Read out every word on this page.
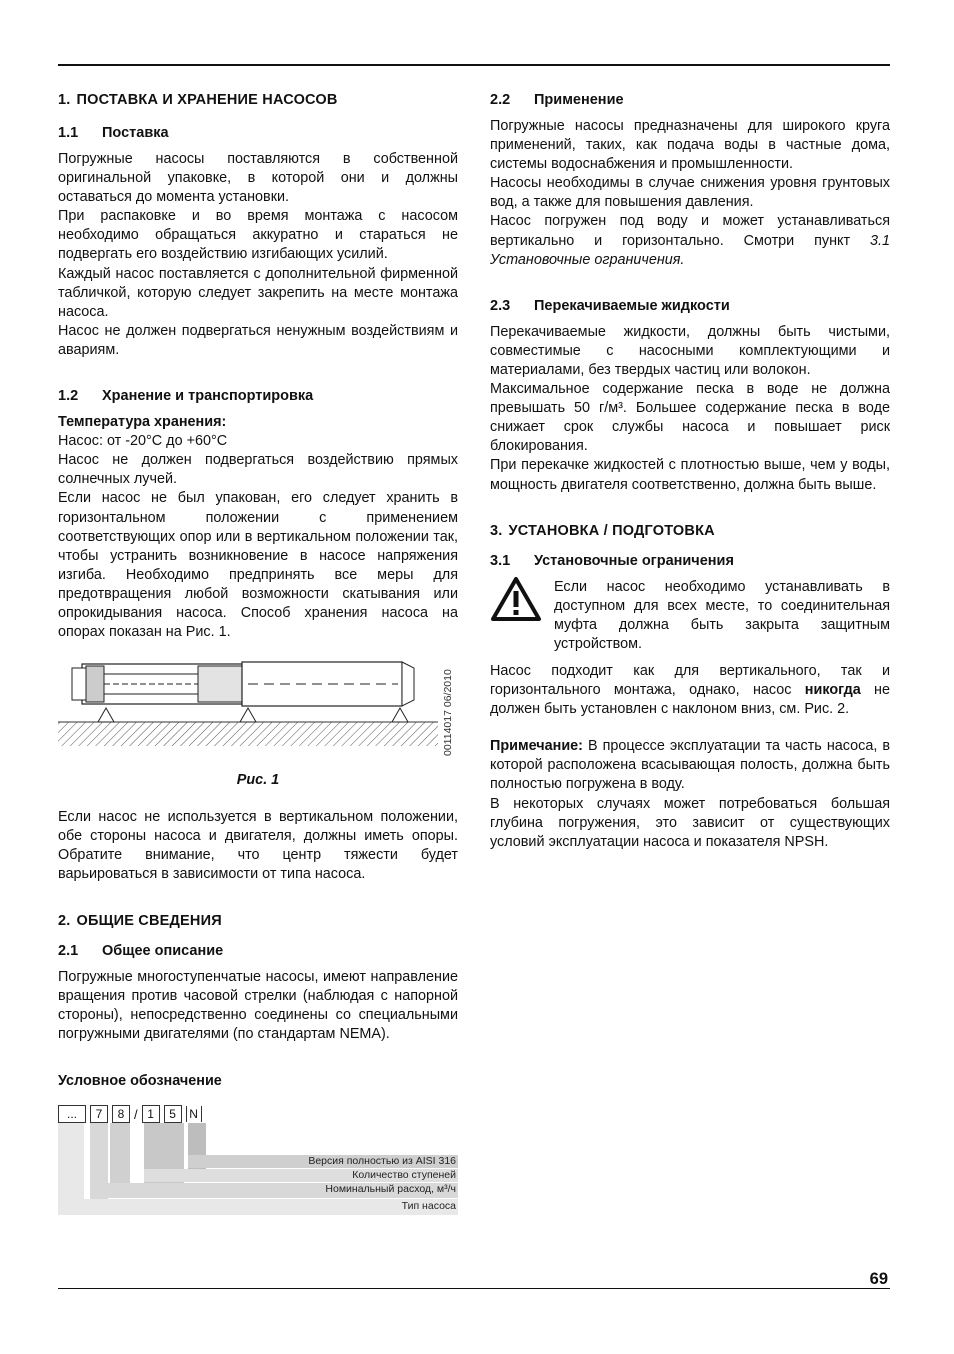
1. ПОСТАВКА И ХРАНЕНИЕ НАСОСОВ
1.1 Поставка

Погружные насосы поставляются в собственной оригинальной упаковке, в которой они и должны оставаться до момента установки.

При распаковке и во время монтажа с насосом необходимо обращаться аккуратно и стараться не подвергать его воздействию изгибающих усилий.

Каждый насос поставляется с дополнительной фирменной табличкой, которую следует закрепить на месте монтажа насоса.

Насос не должен подвергаться ненужным воздействиям и авариям.

1.2 Хранение и транспортировка

Температура хранения:

Насос: от -20°C до +60°C

Насос не должен подвергаться воздействию прямых солнечных лучей.

Если насос не был упакован, его следует хранить в горизонтальном положении с применением соответствующих опор или в вертикальном положении так, чтобы устранить возникновение в насосе напряжения изгиба. Необходимо предпринять все меры для предотвращения любой возможности скатывания или опрокидывания насоса. Способ хранения насоса на опорах показан на Рис. 1.

00114017 06/2010
Рис. 1

Если насос не используется в вертикальном положении, обе стороны насоса и двигателя, должны иметь опоры. Обратите внимание, что центр тяжести будет варьироваться в зависимости от типа насоса.

2. ОБЩИЕ СВЕДЕНИЯ
2.1 Общее описание

Погружные многоступенчатые насосы, имеют направление вращения против часовой стрелки (наблюдая с напорной стороны), непосредственно соединены со специальными погружными двигателями (по стандартам NEMA).

Условное обозначение

...	7	8 / 1	5	N
Версия полностью из AISI 316
Количество ступеней
Номинальный расход, м³/ч
Тип насоса
2.2 Применение

Погружные насосы предназначены для широкого круга применений, таких, как подача воды в частные дома, системы водоснабжения и промышленности.

Насосы необходимы в случае снижения уровня грунтовых вод, а также для повышения давления.

Насос погружен под воду и может устанавливаться вертикально и горизонтально. Смотри пункт 3.1 Установочные ограничения.

2.3 Перекачиваемые жидкости

Перекачиваемые жидкости, должны быть чистыми, совместимые с насосными комплектующими и материалами, без твердых частиц или волокон.

Максимальное содержание песка в воде не должна превышать 50 г/м³. Большее содержание песка в воде снижает срок службы насоса и повышает риск блокирования.

При перекачке жидкостей с плотностью выше, чем у воды, мощность двигателя соответственно, должна быть выше.

3. УСТАНОВКА / ПОДГОТОВКА
3.1 Установочные ограничения

Если насос необходимо устанавливать в доступном для всех месте, то соединительная муфта должна быть закрыта защитным устройством.

Насос подходит как для вертикального, так и горизонтального монтажа, однако, насос никогда не должен быть установлен с наклоном вниз, см. Рис. 2.

Примечание: В процессе эксплуатации та часть насоса, в которой расположена всасывающая полость, должна быть полностью погружена в воду.

В некоторых случаях может потребоваться большая глубина погружения, это зависит от существующих условий эксплуатации насоса и показателя NPSH.

69
